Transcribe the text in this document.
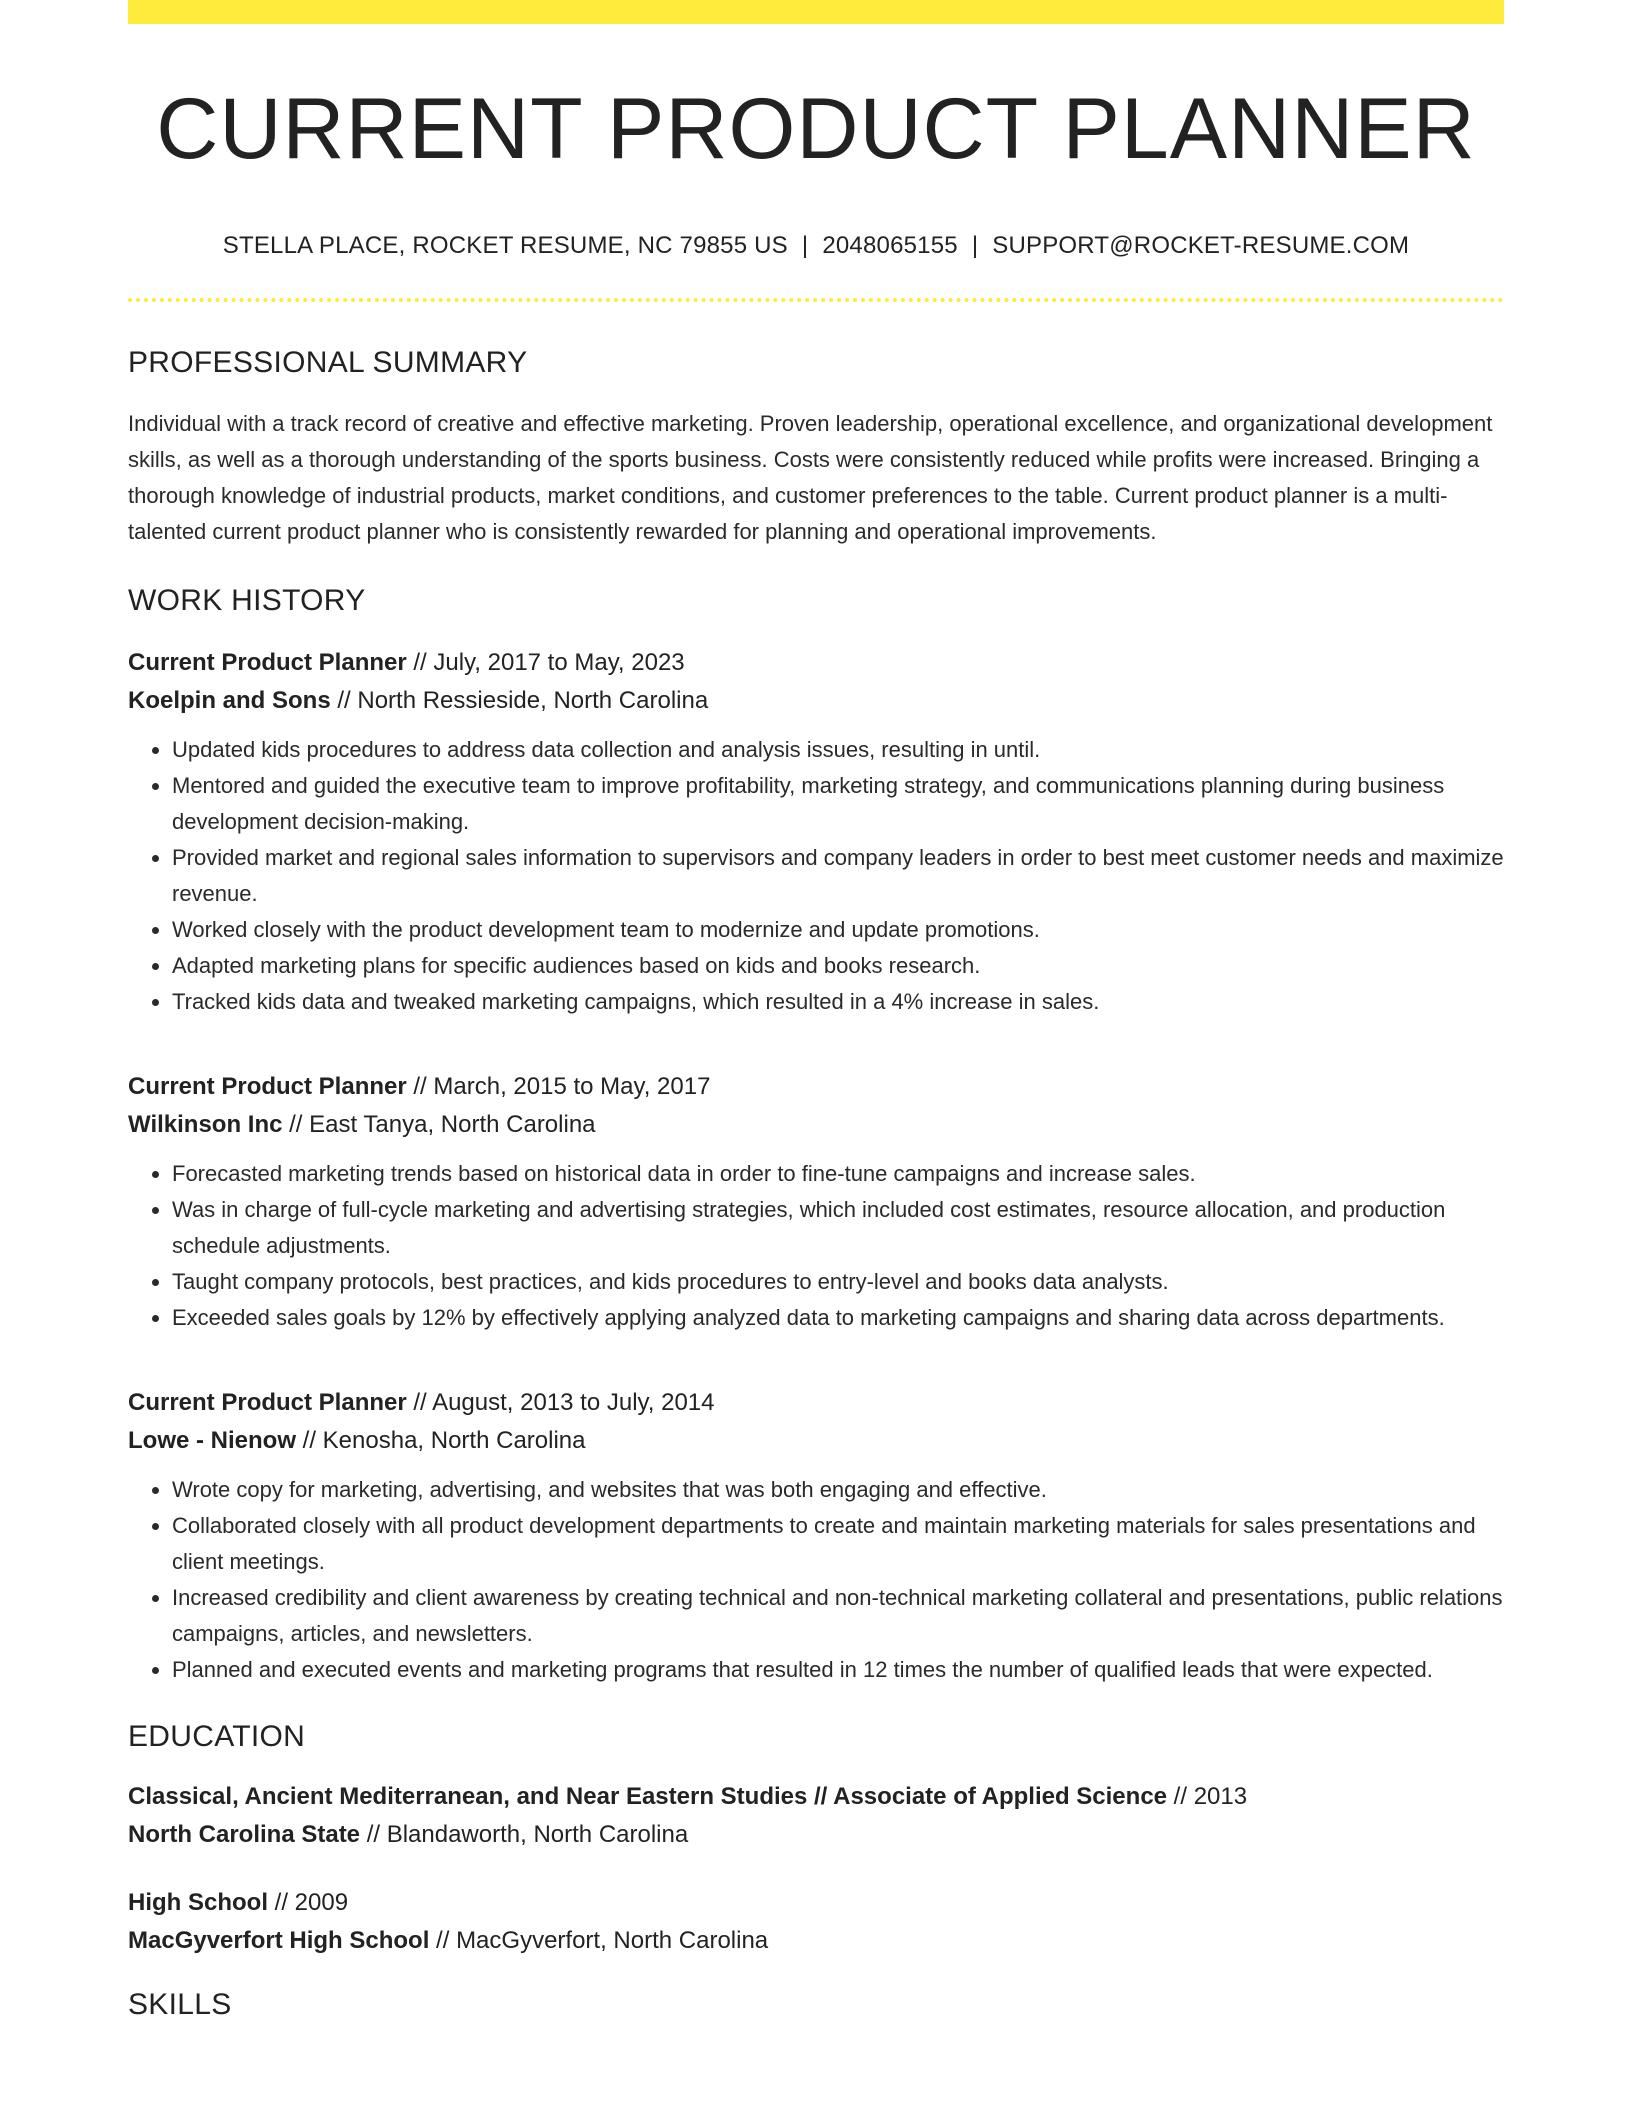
CURRENT PRODUCT PLANNER
STELLA PLACE, ROCKET RESUME, NC 79855 US | 2048065155 | SUPPORT@ROCKET-RESUME.COM
PROFESSIONAL SUMMARY

Individual with a track record of creative and effective marketing. Proven leadership, operational excellence, and organizational development skills, as well as a thorough understanding of the sports business. Costs were consistently reduced while profits were increased. Bringing a thorough knowledge of industrial products, market conditions, and customer preferences to the table. Current product planner is a multi-talented current product planner who is consistently rewarded for planning and operational improvements.

WORK HISTORY
Current Product Planner // July, 2017 to May, 2023
Koelpin and Sons // North Ressieside, North Carolina
• Updated kids procedures to address data collection and analysis issues, resulting in until.
• Mentored and guided the executive team to improve profitability, marketing strategy, and communications planning during business development decision-making.
• Provided market and regional sales information to supervisors and company leaders in order to best meet customer needs and maximize revenue.
• Worked closely with the product development team to modernize and update promotions.
• Adapted marketing plans for specific audiences based on kids and books research.
• Tracked kids data and tweaked marketing campaigns, which resulted in a 4% increase in sales.
Current Product Planner // March, 2015 to May, 2017
Wilkinson Inc // East Tanya, North Carolina
• Forecasted marketing trends based on historical data in order to fine-tune campaigns and increase sales.
• Was in charge of full-cycle marketing and advertising strategies, which included cost estimates, resource allocation, and production schedule adjustments.
• Taught company protocols, best practices, and kids procedures to entry-level and books data analysts.
• Exceeded sales goals by 12% by effectively applying analyzed data to marketing campaigns and sharing data across departments.
Current Product Planner // August, 2013 to July, 2014
Lowe - Nienow // Kenosha, North Carolina
• Wrote copy for marketing, advertising, and websites that was both engaging and effective.
• Collaborated closely with all product development departments to create and maintain marketing materials for sales presentations and client meetings.
• Increased credibility and client awareness by creating technical and non-technical marketing collateral and presentations, public relations campaigns, articles, and newsletters.
• Planned and executed events and marketing programs that resulted in 12 times the number of qualified leads that were expected.
EDUCATION
Classical, Ancient Mediterranean, and Near Eastern Studies // Associate of Applied Science // 2013
North Carolina State // Blandaworth, North Carolina
High School // 2009
MacGyverfort High School // MacGyverfort, North Carolina
SKILLS
